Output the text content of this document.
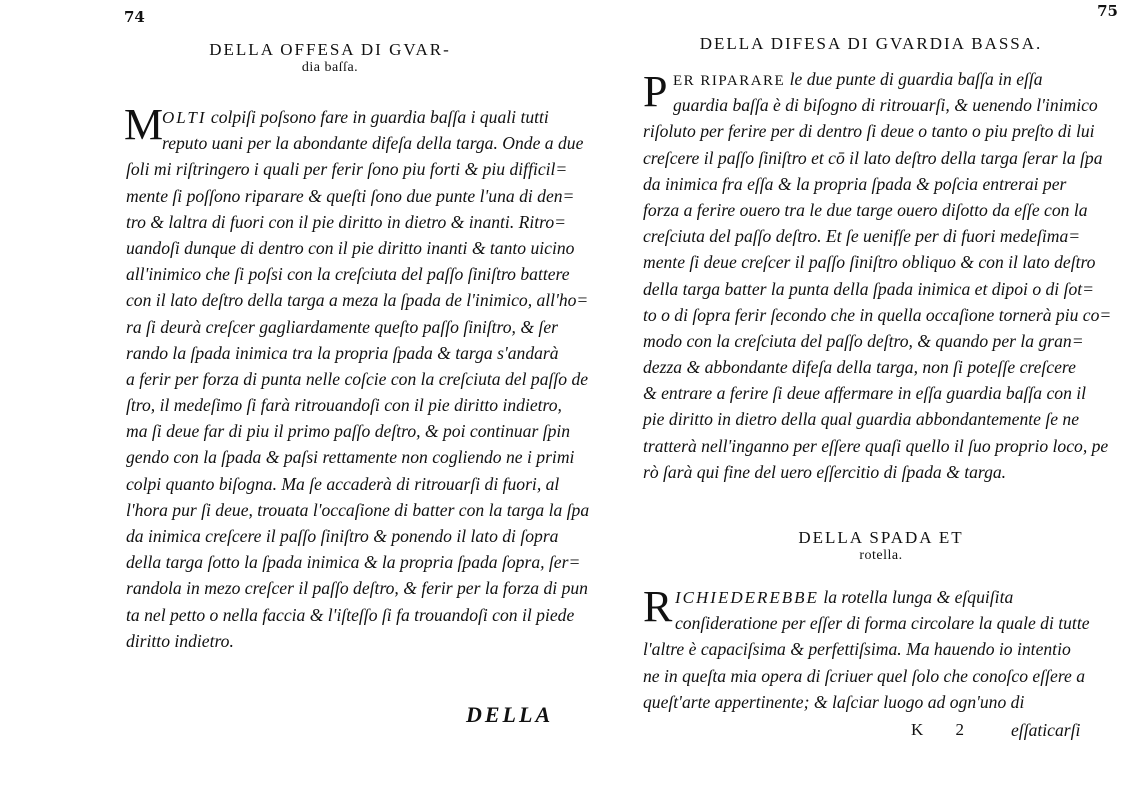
74
DELLA OFFESA DI GVAR-
dia baſſa.
M
OLTI colpiſi poſsono fare in guardia baſſa i quali tutti
reputo uani per la abondante difeſa della targa. Onde a due
ſoli mi riſtringero i quali per ferir ſono piu forti & piu difficil=
mente ſi poſſono riparare & queſti ſono due punte l'una di den=
tro & laltra di fuori con il pie diritto in dietro & inanti. Ritro=
uandoſi dunque di dentro con il pie diritto inanti & tanto uicino
all'inimico che ſi poſsi con la creſciuta del paſſo ſiniſtro battere
con il lato deſtro della targa a meza la ſpada de l'inimico, all'ho=
ra ſi deurà creſcer gagliardamente queſto paſſo ſiniſtro, & ſer
rando la ſpada inimica tra la propria ſpada & targa s'andarà
a ferir per forza di punta nelle coſcie con la creſciuta del paſſo de
ſtro, il medeſimo ſi farà ritrouandoſi con il pie diritto indietro,
ma ſi deue far di piu il primo paſſo deſtro, & poi continuar ſpin
gendo con la ſpada & paſsi rettamente non cogliendo ne i primi
colpi quanto biſogna. Ma ſe accaderà di ritrouarſi di fuori, al
l'hora pur ſi deue, trouata l'occaſione di batter con la targa la ſpa
da inimica creſcere il paſſo ſiniſtro & ponendo il lato di ſopra
della targa ſotto la ſpada inimica & la propria ſpada ſopra, ſer=
randola in mezo creſcer il paſſo deſtro, & ferir per la forza di pun
ta nel petto o nella faccia & l'iſteſſo ſi fa trouandoſi con il piede
diritto indietro.
DELLA
75
DELLA DIFESA DI GVARDIA BASSA.
P ER RIPARARE le due punte di guardia baſſa in eſſa
guardia baſſa è di biſogno di ritrouarſi, & uenendo l'inimico
riſoluto per ferire per di dentro ſi deue o tanto o piu preſto di lui
creſcere il paſſo ſiniſtro et cō il lato deſtro della targa ſerar la ſpa
da inimica fra eſſa & la propria ſpada & poſcia entrerai per
forza a ferire ouero tra le due targe ouero diſotto da eſſe con la
creſciuta del paſſo deſtro. Et ſe uenifſe per di fuori medeſima=
mente ſi deue creſcer il paſſo ſiniſtro obliquo & con il lato deſtro
della targa batter la punta della ſpada inimica et dipoi o di ſot=
to o di ſopra ferir ſecondo che in quella occaſione tornerà piu co=
modo con la creſciuta del paſſo deſtro, & quando per la gran=
dezza & abbondante difeſa della targa, non ſi poteſſe creſcere
& entrare a ferire ſi deue affermare in eſſa guardia baſſa con il
pie diritto in dietro della qual guardia abbondantemente ſe ne
tratterà nell'inganno per eſſere quaſi quello il ſuo proprio loco, pe
rò ſarà qui fine del uero eſſercitio di ſpada & targa.
DELLA SPADA ET
rotella.
R ICHIEDEREBBE la rotella lunga & eſquiſita
conſideratione per eſſer di forma circolare la quale di tutte
l'altre è capaciſsima & perfettiſsima. Ma hauendo io intentio
ne in queſta mia opera di ſcriuer quel ſolo che conoſco eſſere a
queſt'arte appertinente; & laſciar luogo ad ogn'uno di
K 2 eſſaticarſi
